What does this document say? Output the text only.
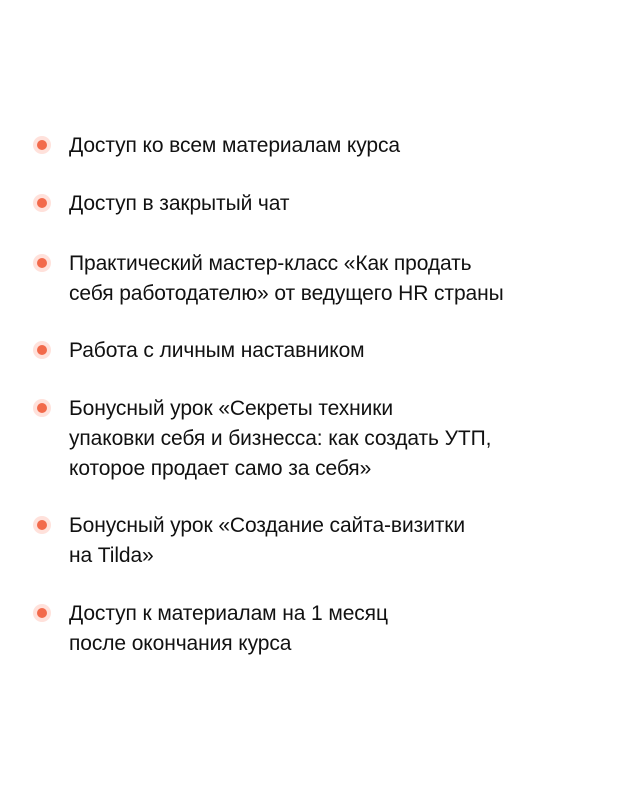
Доступ ко всем материалам курса
Доступ в закрытый чат
Практический мастер-класс «Как продать
себя работодателю» от ведущего HR страны
Работа с личным наставником
Бонусный урок «Секреты техники
упаковки себя и бизнесса: как создать УТП,
которое продает само за себя»
Бонусный урок «Создание сайта-визитки
на Tilda»
Доступ к материалам на 1 месяц
после окончания курса
